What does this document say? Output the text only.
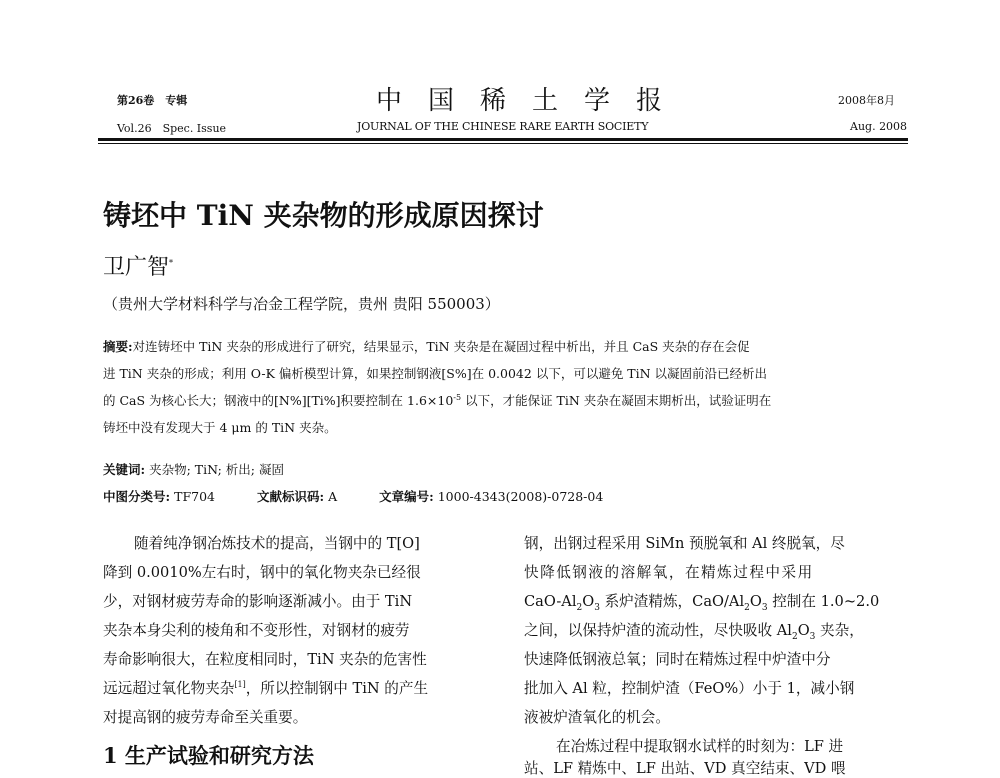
第26卷　专辑
Vol.26　Spec. Issue
中国稀土学报
JOURNAL OF THE CHINESE RARE EARTH SOCIETY
2008年8月
Aug. 2008
铸坯中 TiN 夹杂物的形成原因探讨
卫广智*
（贵州大学材料科学与冶金工程学院，贵州 贵阳 550003）
摘要:对连铸坯中 TiN 夹杂的形成进行了研究，结果显示，TiN 夹杂是在凝固过程中析出，并且 CaS 夹杂的存在会促
进 TiN 夹杂的形成；利用 O-K 偏析模型计算，如果控制钢液[S%]在 0.0042 以下，可以避免 TiN 以凝固前沿已经析出
的 CaS 为核心长大；钢液中的[N%][Ti%]积要控制在 $1.6\times 10^{-5}$ 以下，才能保证 TiN 夹杂在凝固末期析出，试验证明在
铸坯中没有发现大于 4 μm 的 TiN 夹杂。
关键词: 夹杂物; TiN; 析出; 凝固
中图分类号: TF704	文献标识码: A	文章编号: 1000-4343(2008)-0728-04
随着纯净钢冶炼技术的提高，当钢中的 T[O]
降到 0.0010%左右时，钢中的氧化物夹杂已经很
少，对钢材疲劳寿命的影响逐渐减小。由于 TiN
夹杂本身尖利的棱角和不变形性，对钢材的疲劳
寿命影响很大，在粒度相同时，TiN 夹杂的危害性
远远超过氧化物夹杂[1]，所以控制钢中 TiN 的产生
对提高钢的疲劳寿命至关重要。
1 生产试验和研究方法
钢，出钢过程采用 SiMn 预脱氧和 Al 终脱氧，尽
快降低钢液的溶解氧，在精炼过程中采用
CaO-$Al_2O_3$ 系炉渣精炼，CaO/$Al_2O_3$ 控制在 1.0~2.0
之间，以保持炉渣的流动性，尽快吸收 $Al_2O_3$ 夹杂，
快速降低钢液总氧；同时在精炼过程中炉渣中分
批加入 Al 粒，控制炉渣（FeO%）小于 1，减小钢
液被炉渣氧化的机会。
在冶炼过程中提取钢水试样的时刻为：LF 进
站、LF 精炼中、LF 出站、VD 真空结束、VD 喂
